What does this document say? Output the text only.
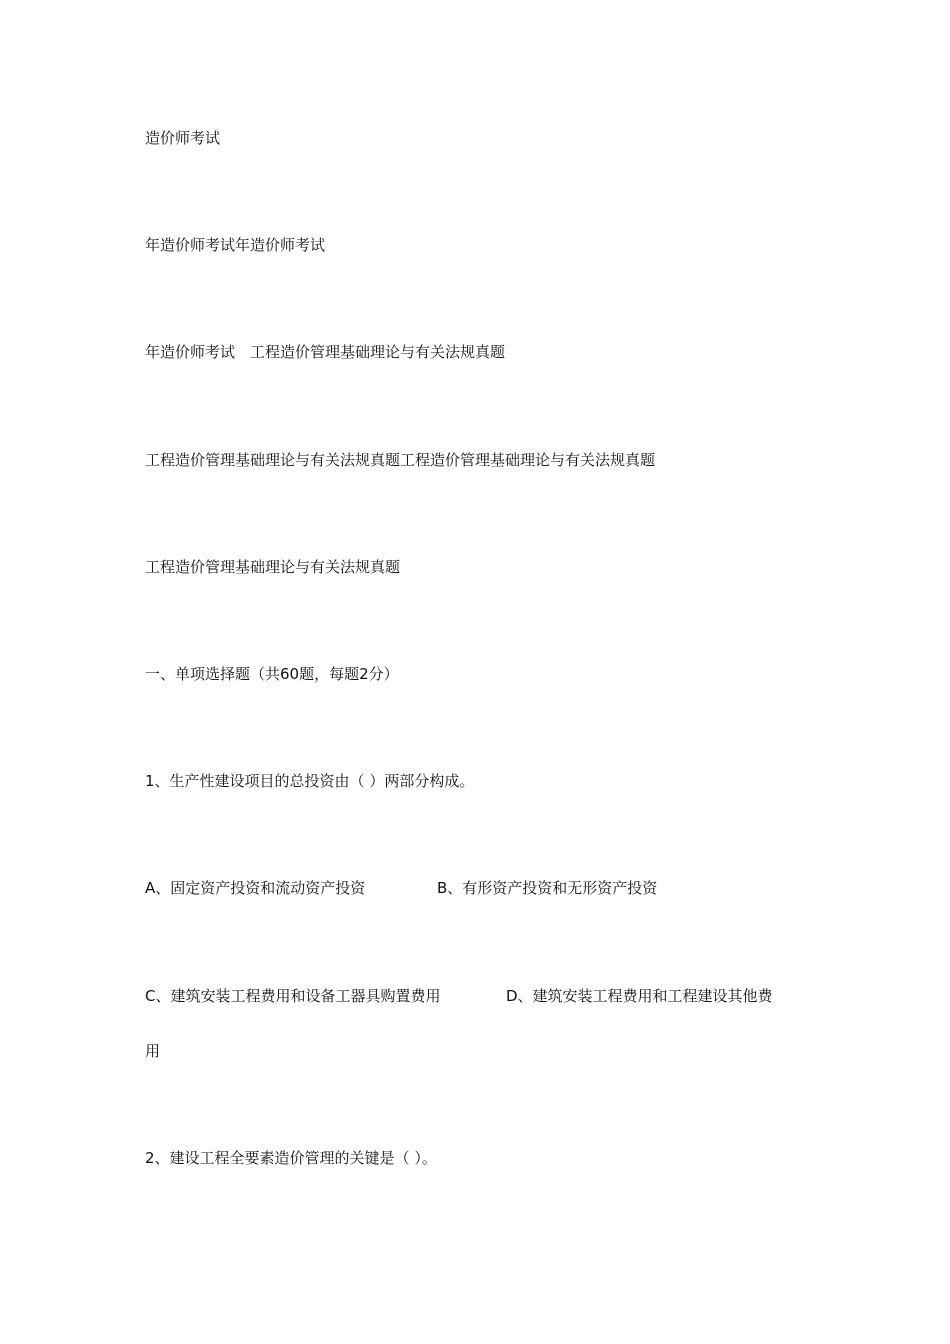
造价师考试
年造价师考试年造价师考试
年造价师考试　工程造价管理基础理论与有关法规真题
工程造价管理基础理论与有关法规真题工程造价管理基础理论与有关法规真题
工程造价管理基础理论与有关法规真题
一、单项选择题（共60题，每题2分）
1、生产性建设项目的总投资由（ ）两部分构成。
A、固定资产投资和流动资产投资	B、有形资产投资和无形资产投资
C、建筑安装工程费用和设备工器具购置费用	D、建筑安装工程费用和工程建设其他费
用
2、建设工程全要素造价管理的关键是（ ）。
